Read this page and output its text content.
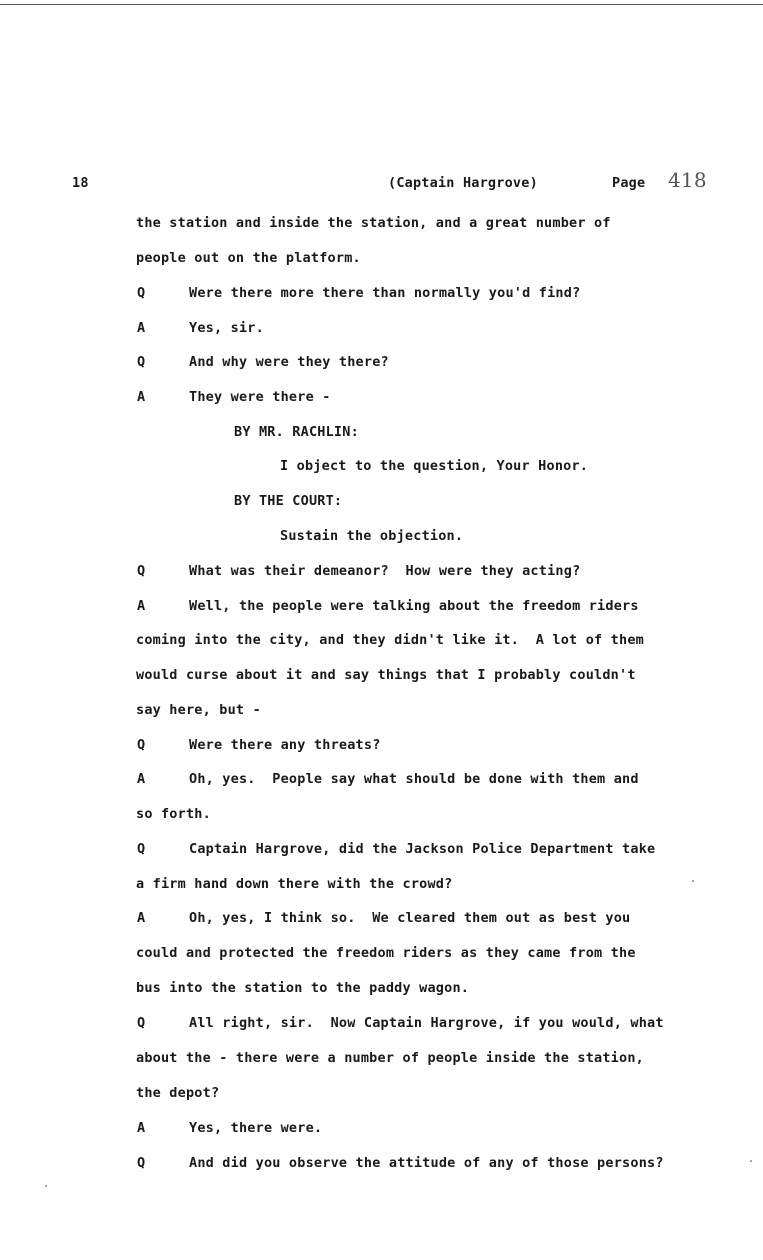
18	(Captain Hargrove)	Page 418
the station and inside the station, and a great number of
people out on the platform.
Q	Were there more there than normally you'd find?
A	Yes, sir.
Q	And why were they there?
A	They were there -
BY MR. RACHLIN:
I object to the question, Your Honor.
BY THE COURT:
Sustain the objection.
Q	What was their demeanor?  How were they acting?
A	Well, the people were talking about the freedom riders
coming into the city, and they didn't like it.  A lot of them
would curse about it and say things that I probably couldn't
say here, but -
Q	Were there any threats?
A	Oh, yes.  People say what should be done with them and
so forth.
Q	Captain Hargrove, did the Jackson Police Department take
a firm hand down there with the crowd?
A	Oh, yes, I think so.  We cleared them out as best you
could and protected the freedom riders as they came from the
bus into the station to the paddy wagon.
Q	All right, sir.  Now Captain Hargrove, if you would, what
about the - there were a number of people inside the station,
the depot?
A	Yes, there were.
Q	And did you observe the attitude of any of those persons?
